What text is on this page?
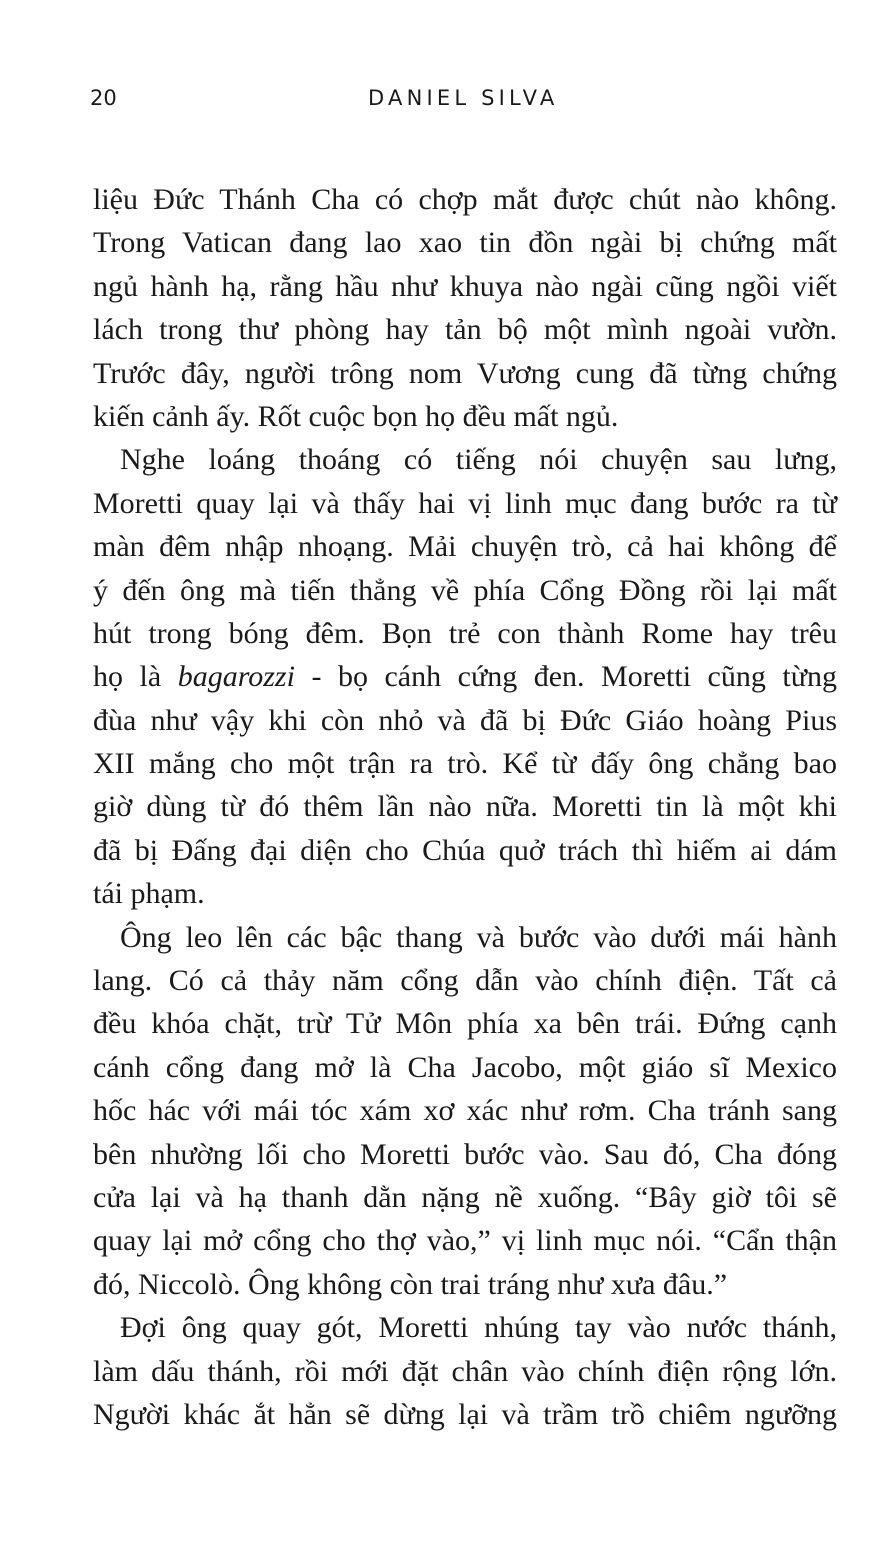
20	DANIEL SILVA
liệu Đức Thánh Cha có chợp mắt được chút nào không.
Trong Vatican đang lao xao tin đồn ngài bị chứng mất
ngủ hành hạ, rằng hầu như khuya nào ngài cũng ngồi viết
lách trong thư phòng hay tản bộ một mình ngoài vườn.
Trước đây, người trông nom Vương cung đã từng chứng
kiến cảnh ấy. Rốt cuộc bọn họ đều mất ngủ.
Nghe loáng thoáng có tiếng nói chuyện sau lưng,
Moretti quay lại và thấy hai vị linh mục đang bước ra từ
màn đêm nhập nhoạng. Mải chuyện trò, cả hai không để
ý đến ông mà tiến thẳng về phía Cổng Đồng rồi lại mất
hút trong bóng đêm. Bọn trẻ con thành Rome hay trêu
họ là bagarozzi - bọ cánh cứng đen. Moretti cũng từng
đùa như vậy khi còn nhỏ và đã bị Đức Giáo hoàng Pius
XII mắng cho một trận ra trò. Kể từ đấy ông chẳng bao
giờ dùng từ đó thêm lần nào nữa. Moretti tin là một khi
đã bị Đấng đại diện cho Chúa quở trách thì hiếm ai dám
tái phạm.
Ông leo lên các bậc thang và bước vào dưới mái hành
lang. Có cả thảy năm cổng dẫn vào chính điện. Tất cả
đều khóa chặt, trừ Tử Môn phía xa bên trái. Đứng cạnh
cánh cổng đang mở là Cha Jacobo, một giáo sĩ Mexico
hốc hác với mái tóc xám xơ xác như rơm. Cha tránh sang
bên nhường lối cho Moretti bước vào. Sau đó, Cha đóng
cửa lại và hạ thanh dằn nặng nề xuống. “Bây giờ tôi sẽ
quay lại mở cổng cho thợ vào,” vị linh mục nói. “Cẩn thận
đó, Niccolò. Ông không còn trai tráng như xưa đâu.”
Đợi ông quay gót, Moretti nhúng tay vào nước thánh,
làm dấu thánh, rồi mới đặt chân vào chính điện rộng lớn.
Người khác ắt hẳn sẽ dừng lại và trầm trồ chiêm ngưỡng
